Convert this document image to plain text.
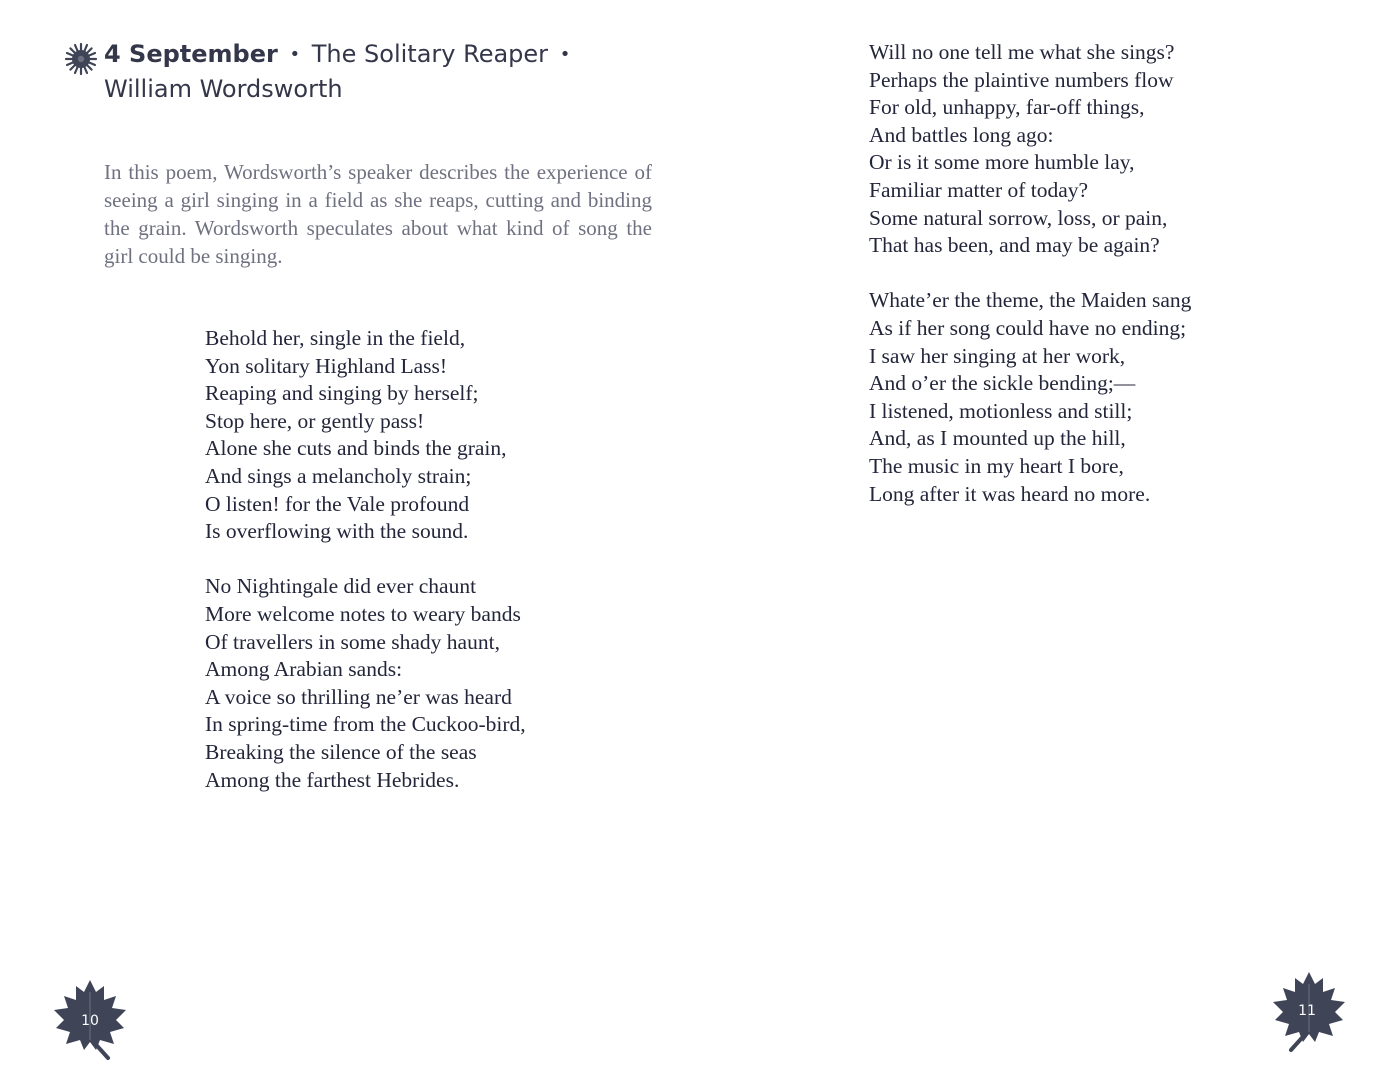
4 September • The Solitary Reaper •
William Wordsworth

In this poem, Wordsworth’s speaker describes the experience of seeing a girl singing in a field as she reaps, cutting and binding the grain. Wordsworth speculates about what kind of song the girl could be singing.

Behold her, single in the field,
Yon solitary Highland Lass!
Reaping and singing by herself;
Stop here, or gently pass!
Alone she cuts and binds the grain,
And sings a melancholy strain;
O listen! for the Vale profound
Is overflowing with the sound.
No Nightingale did ever chaunt
More welcome notes to weary bands
Of travellers in some shady haunt,
Among Arabian sands:
A voice so thrilling ne’er was heard
In spring-time from the Cuckoo-bird,
Breaking the silence of the seas
Among the farthest Hebrides.
10
Will no one tell me what she sings?
Perhaps the plaintive numbers flow
For old, unhappy, far-off things,
And battles long ago:
Or is it some more humble lay,
Familiar matter of today?
Some natural sorrow, loss, or pain,
That has been, and may be again?
Whate’er the theme, the Maiden sang
As if her song could have no ending;
I saw her singing at her work,
And o’er the sickle bending;—
I listened, motionless and still;
And, as I mounted up the hill,
The music in my heart I bore,
Long after it was heard no more.
11
